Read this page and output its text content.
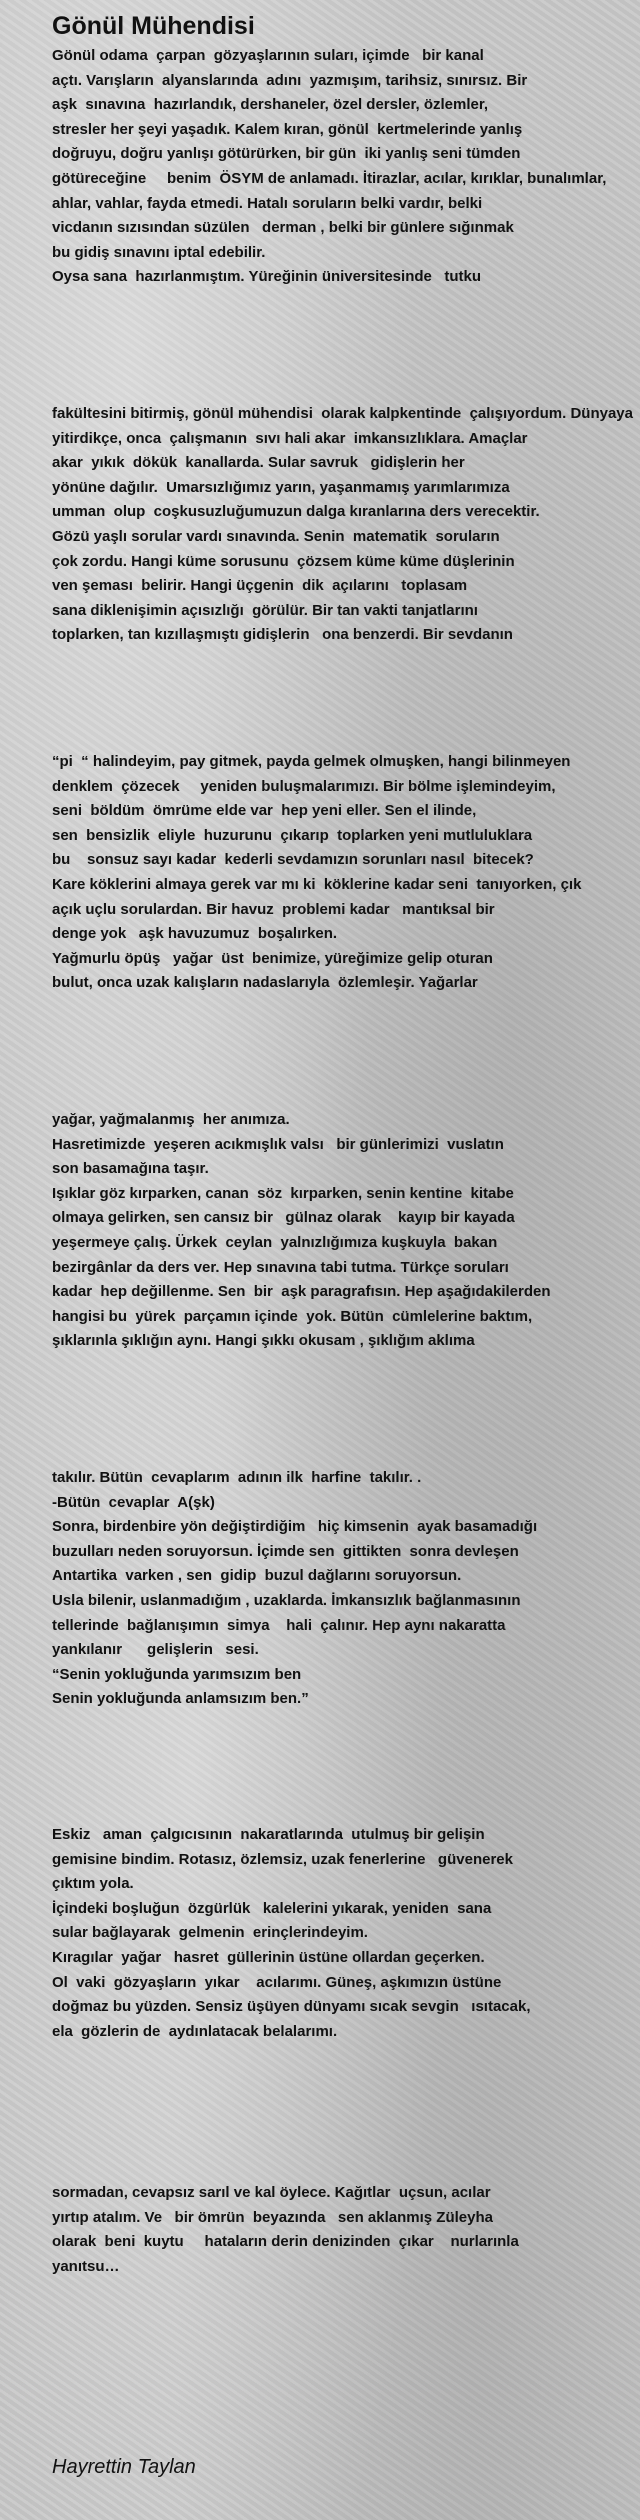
Gönül Mühendisi
Gönül odama  çarpan  gözyaşlarının suları, içimde   bir kanal
açtı. Varışların  alyanslarında  adını  yazmışım, tarihsiz, sınırsız. Bir
aşk  sınavına  hazırlandık, dershaneler, özel dersler, özlemler,
stresler her şeyi yaşadık. Kalem kıran, gönül  kertmelerinde yanlış
doğruyu, doğru yanlışı götürürken, bir gün  iki yanlış seni tümden
götüreceğine     benim  ÖSYM de anlamadı. İtirazlar, acılar, kırıklar, bunalımlar,
ahlar, vahlar, fayda etmedi. Hatalı soruların belki vardır, belki
vicdanın sızısından süzülen   derman , belki bir günlere sığınmak
bu gidiş sınavını iptal edebilir.
Oysa sana  hazırlanmıştım. Yüreğinin üniversitesinde   tutku
fakültesini bitirmiş, gönül mühendisi  olarak kalpkentinde  çalışıyordum. Dünyaya
yitirdikçe, onca  çalışmanın  sıvı hali akar  imkansızlıklara. Amaçlar
akar  yıkık  dökük  kanallarda. Sular savruk   gidişlerin her
yönüne dağılır.  Umarsızlığımız yarın, yaşanmamış yarımlarımıza
umman  olup  coşkusuzluğumuzun dalga kıranlarına ders verecektir.
Gözü yaşlı sorular vardı sınavında. Senin  matematik  soruların
çok zordu. Hangi küme sorusunu  çözsem küme küme düşlerinin
ven şeması  belirir. Hangi üçgenin  dik  açılarını   toplasam
sana diklenişimin açısızlığı  görülür. Bir tan vakti tanjatlarını
toplarken, tan kızıllaşmıştı gidişlerin   ona benzerdi. Bir sevdanın
“pi  “ halindeyim, pay gitmek, payda gelmek olmuşken, hangi bilinmeyen
denklem  çözecek     yeniden buluşmalarımızı. Bir bölme işlemindeyim,
seni  böldüm  ömrüme elde var  hep yeni eller. Sen el ilinde,
sen  bensizlik  eliyle  huzurunu  çıkarıp  toplarken yeni mutluluklara
bu    sonsuz sayı kadar  kederli sevdamızın sorunları nasıl  bitecek?
Kare köklerini almaya gerek var mı ki  köklerine kadar seni  tanıyorken, çık
açık uçlu sorulardan. Bir havuz  problemi kadar   mantıksal bir
denge yok   aşk havuzumuz  boşalırken.
Yağmurlu öpüş   yağar  üst  benimize, yüreğimize gelip oturan
bulut, onca uzak kalışların nadaslarıyla  özlemleşir. Yağarlar
yağar, yağmalanmış  her anımıza.
Hasretimizde  yeşeren acıkmışlık valsı   bir günlerimizi  vuslatın
son basamağına taşır.
Işıklar göz kırparken, canan  söz  kırparken, senin kentine  kitabe
olmaya gelirken, sen cansız bir   gülnaz olarak    kayıp bir kayada
yeşermeye çalış. Ürkek  ceylan  yalnızlığımıza kuşkuyla  bakan
bezirgânlar da ders ver. Hep sınavına tabi tutma. Türkçe soruları
kadar  hep değillenme. Sen  bir  aşk paragrafısın. Hep aşağıdakilerden
hangisi bu  yürek  parçamın içinde  yok. Bütün  cümlelerine baktım,
şıklarınla şıklığın aynı. Hangi şıkkı okusam , şıklığım aklıma
takılır. Bütün  cevaplarım  adının ilk  harfine  takılır. .
-Bütün  cevaplar  A(şk)
Sonra, birdenbire yön değiştirdiğim   hiç kimsenin  ayak basamadığı
buzulları neden soruyorsun. İçimde sen  gittikten  sonra devleşen
Antartika  varken , sen  gidip  buzul dağlarını soruyorsun.
Usla bilenir, uslanmadığım , uzaklarda. İmkansızlık bağlanmasının
tellerinde  bağlanışımın  simya    hali  çalınır. Hep aynı nakaratta
yankılanır      gelişlerin   sesi.
“Senin yokluğunda yarımsızım ben
Senin yokluğunda anlamsızım ben.”
Eskiz   aman  çalgıcısının  nakaratlarında  utulmuş bir gelişin
gemisine bindim. Rotasız, özlemsiz, uzak fenerlerine   güvenerek
çıktım yola.
İçindeki boşluğun  özgürlük   kalelerini yıkarak, yeniden  sana
sular bağlayarak  gelmenin  erinçlerindeyim.
Kıragılar  yağar   hasret  güllerinin üstüne ollardan geçerken.
Ol  vaki  gözyaşların  yıkar    acılarımı. Güneş, aşkımızın üstüne
doğmaz bu yüzden. Sensiz üşüyen dünyamı sıcak sevgin   ısıtacak,
ela  gözlerin de  aydınlatacak belalarımı.
sormadan, cevapsız sarıl ve kal öylece. Kağıtlar  uçsun, acılar
yırtıp atalım. Ve   bir ömrün  beyazında   sen aklanmış Züleyha
olarak  beni  kuytu     hataların derin denizinden  çıkar    nurlarınla
yanıtsu…
Hayrettin Taylan
